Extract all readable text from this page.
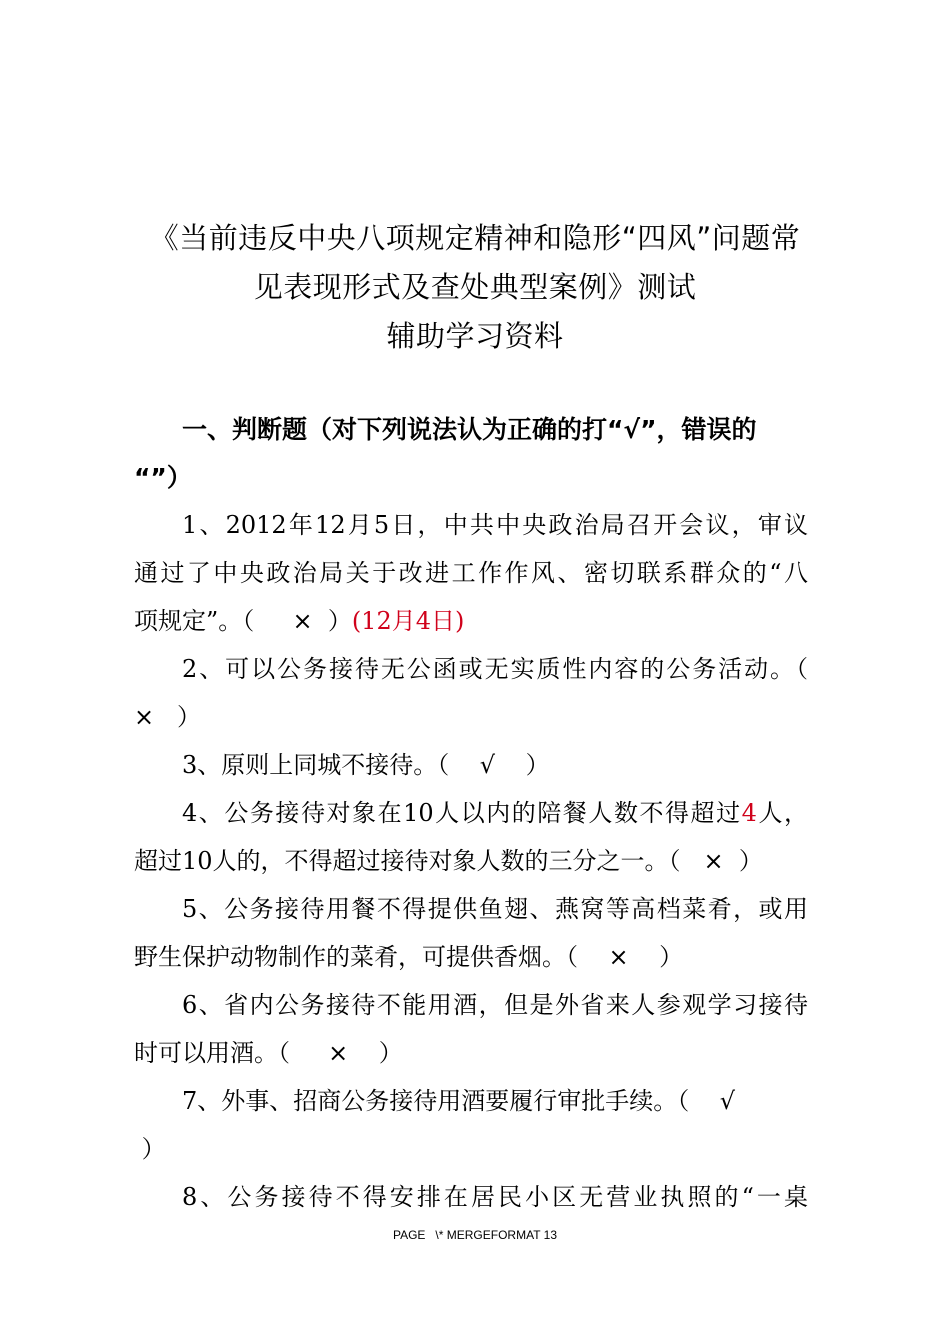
《当前违反中央八项规定精神和隐形“四风”问题常
见表现形式及查处典型案例》测试
辅助学习资料
一、判断题（对下列说法认为正确的打“√”，错误的
“”）
1、2012年12月5日，中共中央政治局召开会议，审议
通过了中央政治局关于改进工作作风、密切联系群众的“八
项规定”。（ × ）(12月4日)
2、可以公务接待无公函或无实质性内容的公务活动。（
× ）
3、原则上同城不接待。（ √ ）
4、公务接待对象在10人以内的陪餐人数不得超过4人，
超过10人的，不得超过接待对象人数的三分之一。（ × ）
5、公务接待用餐不得提供鱼翅、燕窝等高档菜肴，或用
野生保护动物制作的菜肴，可提供香烟。（ × ）
6、省内公务接待不能用酒，但是外省来人参观学习接待
时可以用酒。（ × ）
7、外事、招商公务接待用酒要履行审批手续。（ √
）
8、公务接待不得安排在居民小区无营业执照的“一桌
PAGE   \* MERGEFORMAT 13
